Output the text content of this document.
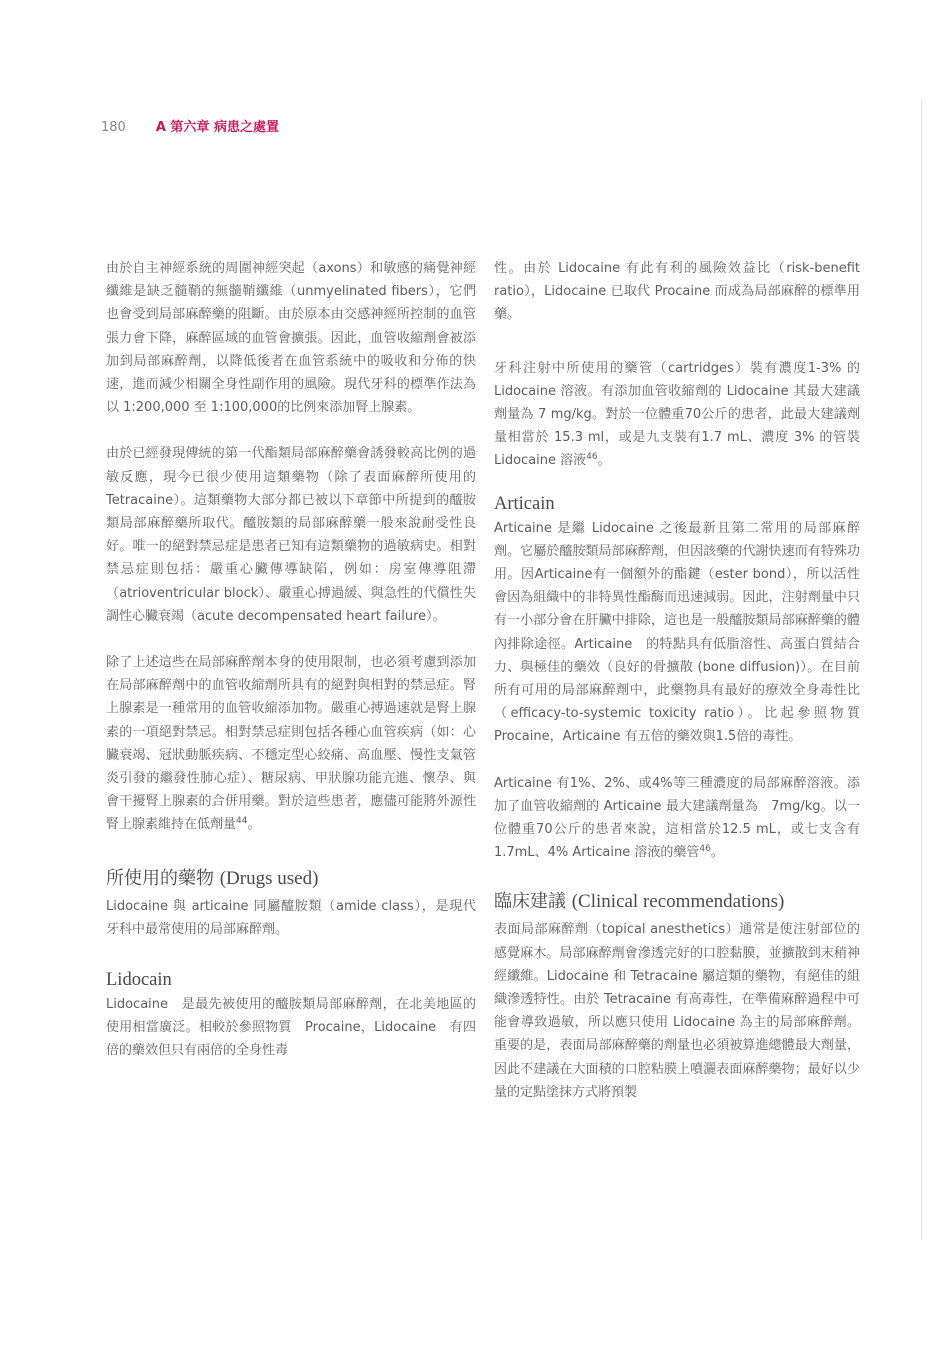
180 A 第六章 病患之處置

由於自主神經系統的周圍神經突起（axons）和敏感的痛覺神經纖維是缺乏髓鞘的無髓鞘纖維（unmyelinated fibers），它們也會受到局部麻醉藥的阻斷。由於原本由交感神經所控制的血管張力會下降，麻醉區域的血管會擴張。因此，血管收縮劑會被添加到局部麻醉劑，以降低後者在血管系統中的吸收和分佈的快速，進而減少相關全身性副作用的風險。現代牙科的標準作法為以 1:200,000 至 1:100,000的比例來添加腎上腺素。

由於已經發現傳統的第一代酯類局部麻醉藥會誘發較高比例的過敏反應，現今已很少使用這類藥物（除了表面麻醉所使用的Tetracaine）。這類藥物大部分都已被以下章節中所提到的醯胺類局部麻醉藥所取代。醯胺類的局部麻醉藥一般來說耐受性良好。唯一的絕對禁忌症是患者已知有這類藥物的過敏病史。相對禁忌症則包括：嚴重心臟傳導缺陷，例如：房室傳導阻滯（atrioventricular block）、嚴重心搏過緩、與急性的代償性失調性心臟衰竭（acute decompensated heart failure）。

除了上述這些在局部麻醉劑本身的使用限制，也必須考慮到添加在局部麻醉劑中的血管收縮劑所具有的絕對與相對的禁忌症。腎上腺素是一種常用的血管收縮添加物。嚴重心搏過速就是腎上腺素的一項絕對禁忌。相對禁忌症則包括各種心血管疾病（如：心臟衰竭、冠狀動脈疾病、不穩定型心絞痛、高血壓、慢性支氣管炎引發的繼發性肺心症）、糖尿病、甲狀腺功能亢進、懷孕、與會干擾腎上腺素的合併用藥。對於這些患者，應儘可能將外源性腎上腺素維持在低劑量$^{44}$。

所使用的藥物 (Drugs used)

Lidocaine 與 articaine 同屬醯胺類（amide class），是現代牙科中最常使用的局部麻醉劑。

Lidocain

Lidocaine　是最先被使用的醯胺類局部麻醉劑，在北美地區的使用相當廣泛。相較於參照物質　Procaine，Lidocaine　有四倍的藥效但只有兩倍的全身性毒

性。由於 Lidocaine 有此有利的風險效益比（risk-benefit ratio），Lidocaine 已取代 Procaine 而成為局部麻醉的標準用藥。

牙科注射中所使用的藥管（cartridges）裝有濃度1-3% 的 Lidocaine 溶液。有添加血管收縮劑的 Lidocaine 其最大建議劑量為 7 mg/kg。對於一位體重70公斤的患者，此最大建議劑量相當於 15.3 ml，或是九支裝有1.7 mL、濃度 3% 的管裝 Lidocaine 溶液$^{46}$。

Articain

Articaine 是繼 Lidocaine 之後最新且第二常用的局部麻醉劑。它屬於醯胺類局部麻醉劑，但因該藥的代謝快速而有特殊功用。因Articaine有一個額外的酯鍵（ester bond），所以活性會因為組織中的非特異性酯酶而迅速減弱。因此，注射劑量中只有一小部分會在肝臟中排除，這也是一般醯胺類局部麻醉藥的體內排除途徑。Articaine　的特點具有低脂溶性、高蛋白質結合力、與極佳的藥效（良好的骨擴散 (bone diffusion)）。在目前所有可用的局部麻醉劑中，此藥物具有最好的療效全身毒性比（efficacy-to-systemic toxicity ratio）。比起參照物質 Procaine，Articaine 有五倍的藥效與1.5倍的毒性。

Articaine 有1%、2%、或4%等三種濃度的局部麻醉溶液。添加了血管收縮劑的 Articaine 最大建議劑量為　7mg/kg。以一位體重70公斤的患者來說，這相當於12.5 mL，或七支含有1.7mL、4% Articaine 溶液的藥管$^{46}$。

臨床建議 (Clinical recommendations)

表面局部麻醉劑（topical anesthetics）通常是使注射部位的感覺麻木。局部麻醉劑會滲透完好的口腔黏膜，並擴散到末稍神經纖維。Lidocaine 和 Tetracaine 屬這類的藥物，有絕佳的組織滲透特性。由於 Tetracaine 有高毒性，在準備麻醉過程中可能會導致過敏，所以應只使用 Lidocaine 為主的局部麻醉劑。重要的是，表面局部麻醉藥的劑量也必須被算進總體最大劑量，因此不建議在大面積的口腔粘膜上噴灑表面麻醉藥物；最好以少量的定點塗抹方式將預製
